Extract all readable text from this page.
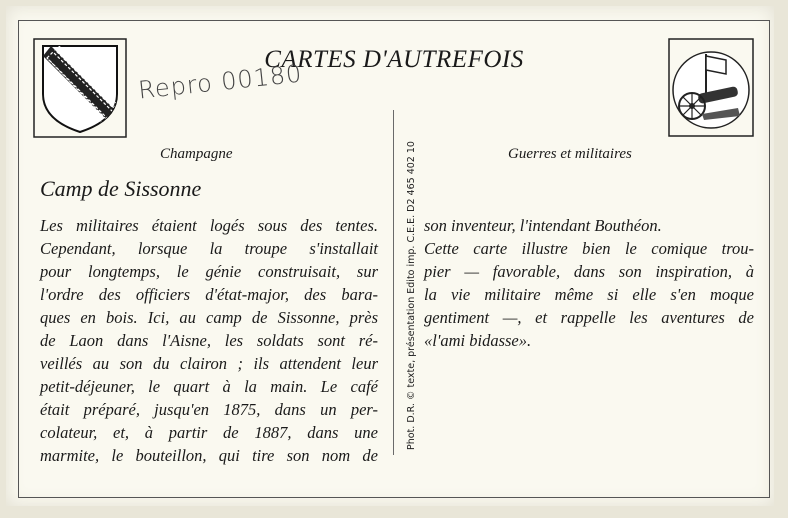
CARTES D'AUTREFOIS
Repro 00180
Champagne	Guerres et militaires
Camp de Sissonne
Les militaires étaient logés sous des tentes.
Cependant, lorsque la troupe s'installait
pour longtemps, le génie construisait, sur
l'ordre des officiers d'état-major, des bara-
ques en bois. Ici, au camp de Sissonne, près
de Laon dans l'Aisne, les soldats sont ré-
veillés au son du clairon ; ils attendent leur
petit-déjeuner, le quart à la main. Le café
était préparé, jusqu'en 1875, dans un per-
colateur, et, à partir de 1887, dans une
marmite, le bouteillon, qui tire son nom de
Phot. D.R. © texte, présentation Edito imp. C.E.E. D2 465 402 10 son inventeur, l'intendant Bouthéon.
Cette carte illustre bien le comique trou-
pier — favorable, dans son inspiration, à
la vie militaire même si elle s'en moque
gentiment —, et rappelle les aventures de
«l'ami bidasse».
